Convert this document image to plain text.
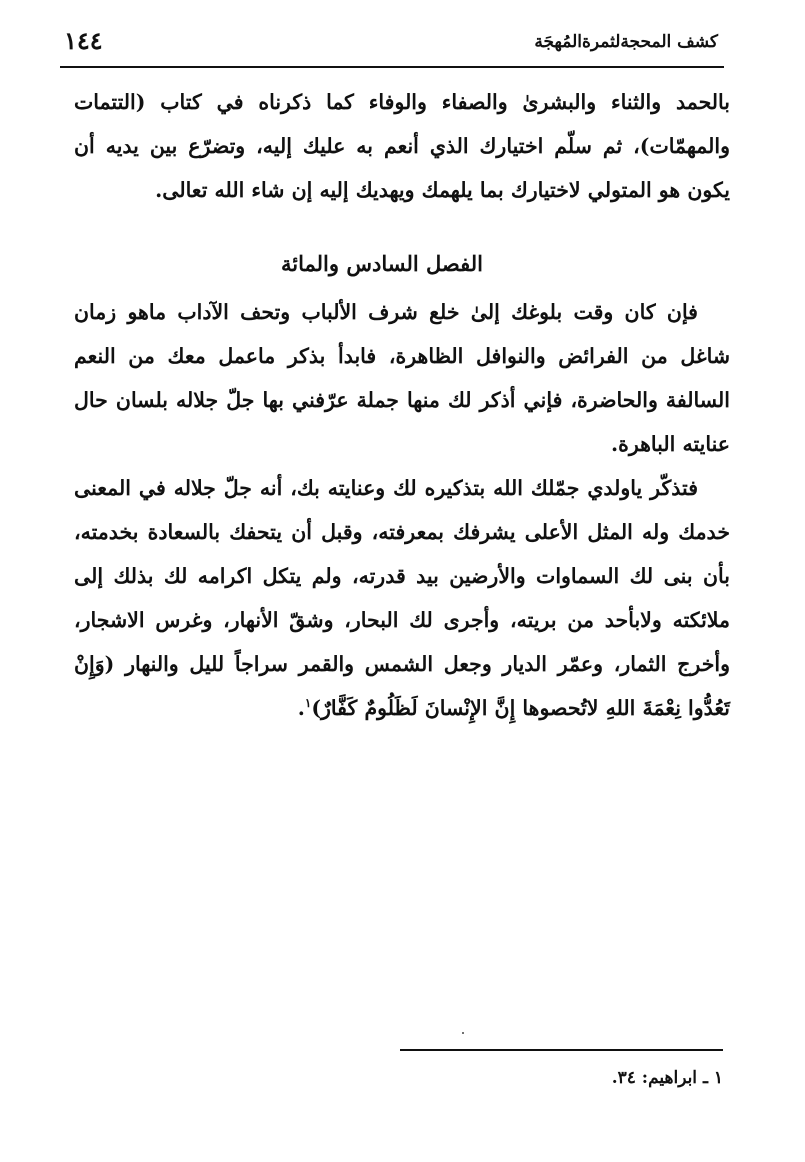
كشف المحجةلثمرةالمُهجَة
١٤٤

بالحمد والثناء والبشرىٰ والصفاء والوفاء كما ذكرناه في كتاب (التتمات والمهمّات)، ثم سلّم اختيارك الذي أنعم به عليك إليه، وتضرّع بين يديه أن يكون هو المتولي لاختيارك بما يلهمك ويهديك إليه إن شاء الله تعالى.

الفصل السادس والمائة

فإن كان وقت بلوغك إلىٰ خلع شرف الألباب وتحف الآداب ماهو زمان شاغل من الفرائض والنوافل الظاهرة، فابدأ بذكر ماعمل معك من النعم السالفة والحاضرة، فإني أذكر لك منها جملة عرّفني بها جلّ جلاله بلسان حال عنايته الباهرة.

فتذكّر ياولدي جمّلك الله بتذكيره لك وعنايته بك، أنه جلّ جلاله في المعنى خدمك وله المثل الأعلى يشرفك بمعرفته، وقبل أن يتحفك بالسعادة بخدمته، بأن بنى لك السماوات والأرضين بيد قدرته، ولم يتكل اكرامه لك بذلك إلى ملائكته ولابأحد من بريته، وأجرى لك البحار، وشقّ الأنهار، وغرس الاشجار، وأخرج الثمار، وعمّر الديار وجعل الشمس والقمر سراجاً لليل والنهار (وَإِنْ تَعُدُّوا نِعْمَةَ اللهِ لاتُحصوها إِنَّ الإِنْسانَ لَظَلُومٌ كَفَّارٌ)$^١$.

١ ـ ابراهيم: ٣٤.
